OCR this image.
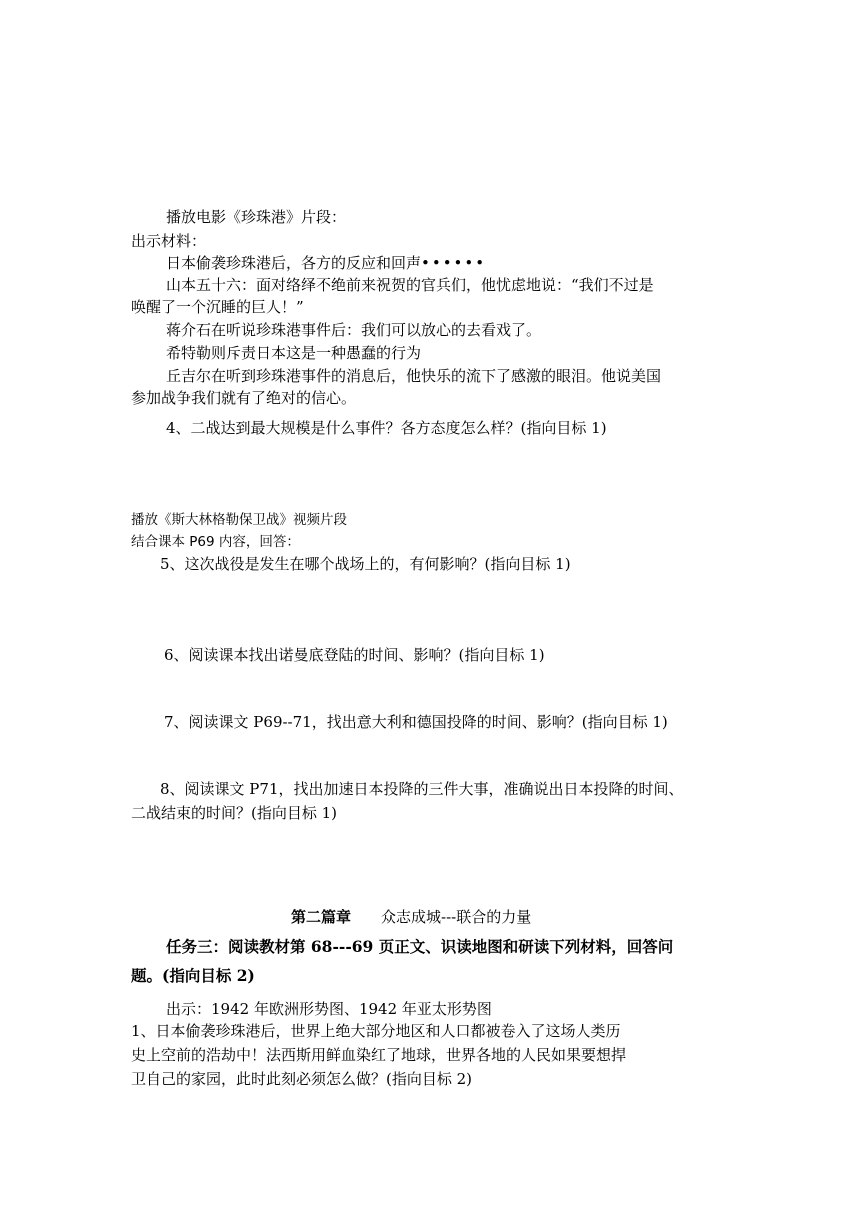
播放电影《珍珠港》片段：
出示材料：
日本偷袭珍珠港后，各方的反应和回声••••••
山本五十六：面对络绎不绝前来祝贺的官兵们，他忧虑地说：“我们不过是
唤醒了一个沉睡的巨人！”
蒋介石在听说珍珠港事件后：我们可以放心的去看戏了。
希特勒则斥责日本这是一种愚蠢的行为
丘吉尔在听到珍珠港事件的消息后，他快乐的流下了感激的眼泪。他说美国
参加战争我们就有了绝对的信心。
4、二战达到最大规模是什么事件？各方态度怎么样？(指向目标 1)
播放《斯大林格勒保卫战》视频片段
结合课本 P69 内容，回答：
5、这次战役是发生在哪个战场上的，有何影响？(指向目标 1)
6、阅读课本找出诺曼底登陆的时间、影响？(指向目标 1)
7、阅读课文 P69--71，找出意大利和德国投降的时间、影响？(指向目标 1)
8、阅读课文 P71，找出加速日本投降的三件大事，准确说出日本投降的时间、
二战结束的时间？(指向目标 1)
第二篇章 众志成城---联合的力量
任务三：阅读教材第 68---69 页正文、识读地图和研读下列材料，回答问
题。(指向目标 2)
出示：1942 年欧洲形势图、1942 年亚太形势图
1、日本偷袭珍珠港后，世界上绝大部分地区和人口都被卷入了这场人类历
史上空前的浩劫中！法西斯用鲜血染红了地球，世界各地的人民如果要想捍
卫自己的家园，此时此刻必须怎么做？(指向目标 2)
